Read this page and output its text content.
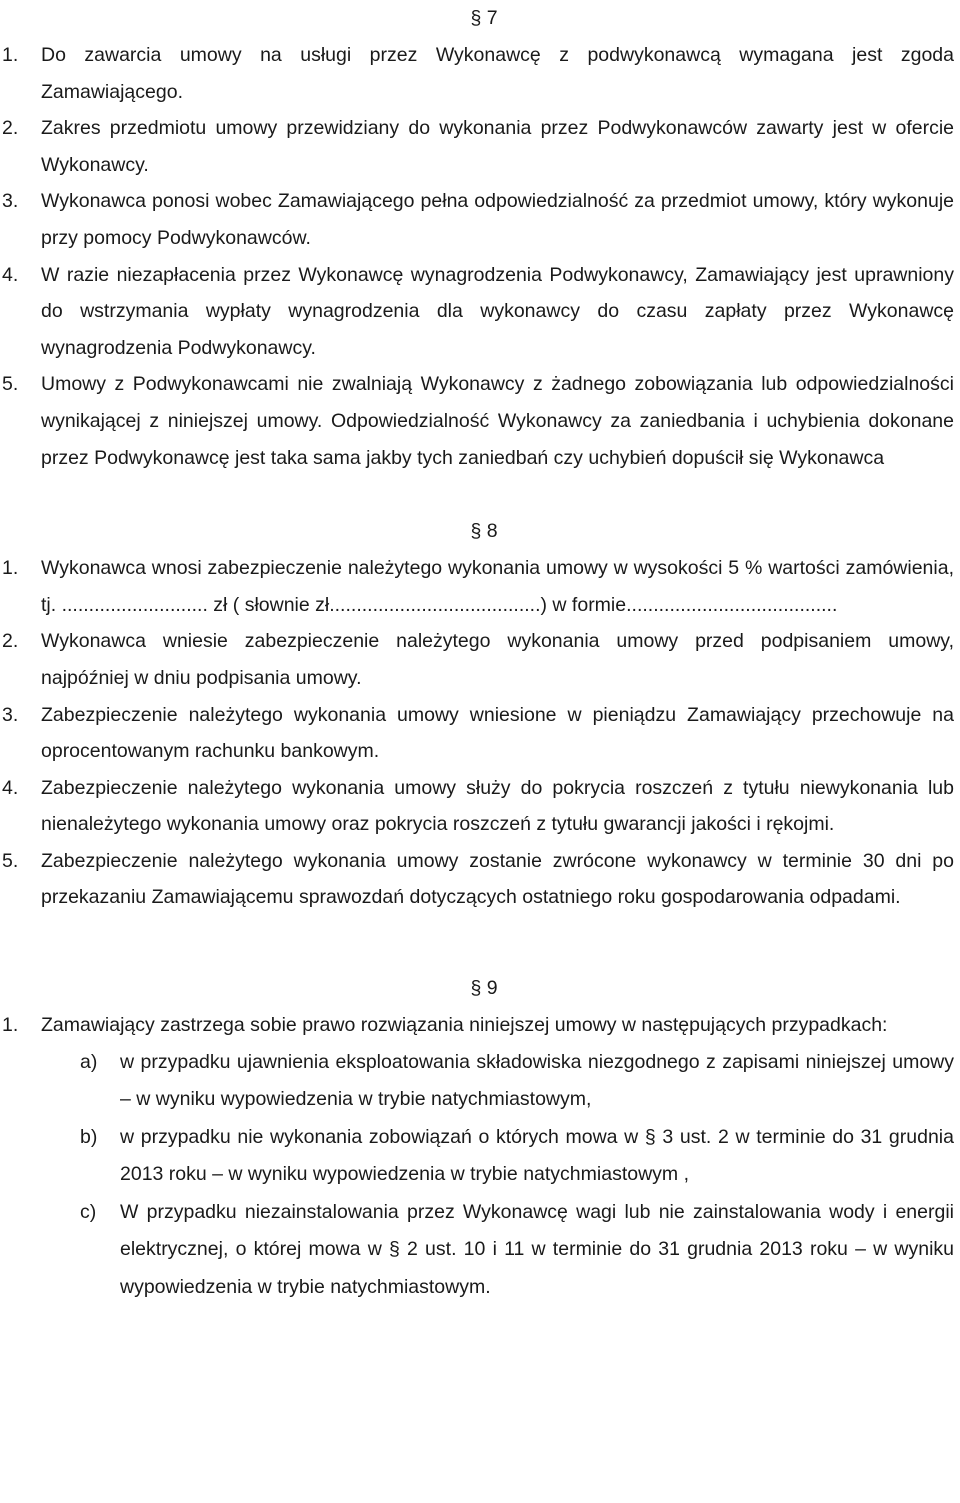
§ 7
1. Do zawarcia umowy na usługi przez Wykonawcę z podwykonawcą wymagana jest zgoda Zamawiającego.
2. Zakres przedmiotu umowy przewidziany do wykonania przez Podwykonawców zawarty jest w ofercie Wykonawcy.
3. Wykonawca ponosi wobec Zamawiającego pełna odpowiedzialność za przedmiot umowy, który wykonuje przy pomocy Podwykonawców.
4. W razie niezapłacenia przez Wykonawcę wynagrodzenia Podwykonawcy, Zamawiający jest uprawniony do wstrzymania wypłaty wynagrodzenia dla wykonawcy do czasu zapłaty przez Wykonawcę wynagrodzenia Podwykonawcy.
5. Umowy z Podwykonawcami nie zwalniają Wykonawcy z żadnego zobowiązania lub odpowiedzialności wynikającej z niniejszej umowy. Odpowiedzialność Wykonawcy za zaniedbania i uchybienia dokonane przez Podwykonawcę jest taka sama jakby tych zaniedbań czy uchybień dopuścił się Wykonawca
§ 8
1. Wykonawca wnosi zabezpieczenie należytego wykonania umowy w wysokości 5 % wartości zamówienia, tj. ........................... zł ( słownie zł.......................................) w formie.......................................
2. Wykonawca wniesie zabezpieczenie należytego wykonania umowy przed podpisaniem umowy, najpóźniej w dniu podpisania umowy.
3. Zabezpieczenie należytego wykonania umowy wniesione w pieniądzu Zamawiający przechowuje na oprocentowanym rachunku bankowym.
4. Zabezpieczenie należytego wykonania umowy służy do pokrycia roszczeń z tytułu niewykonania lub nienależytego wykonania umowy oraz pokrycia roszczeń z tytułu gwarancji jakości i rękojmi.
5. Zabezpieczenie należytego wykonania umowy zostanie zwrócone wykonawcy w terminie 30 dni po przekazaniu Zamawiającemu sprawozdań dotyczących ostatniego roku gospodarowania odpadami.
§ 9
1. Zamawiający zastrzega sobie prawo rozwiązania niniejszej umowy w następujących przypadkach:
a) w przypadku ujawnienia eksploatowania składowiska niezgodnego z zapisami niniejszej umowy – w wyniku wypowiedzenia w trybie natychmiastowym,
b) w przypadku nie wykonania zobowiązań o których mowa w § 3 ust. 2 w terminie do 31 grudnia 2013 roku – w wyniku wypowiedzenia w trybie natychmiastowym ,
c) W przypadku niezainstalowania przez Wykonawcę wagi lub nie zainstalowania wody i energii elektrycznej, o której mowa w § 2 ust. 10 i 11 w terminie do 31 grudnia 2013 roku – w wyniku wypowiedzenia w trybie natychmiastowym.
